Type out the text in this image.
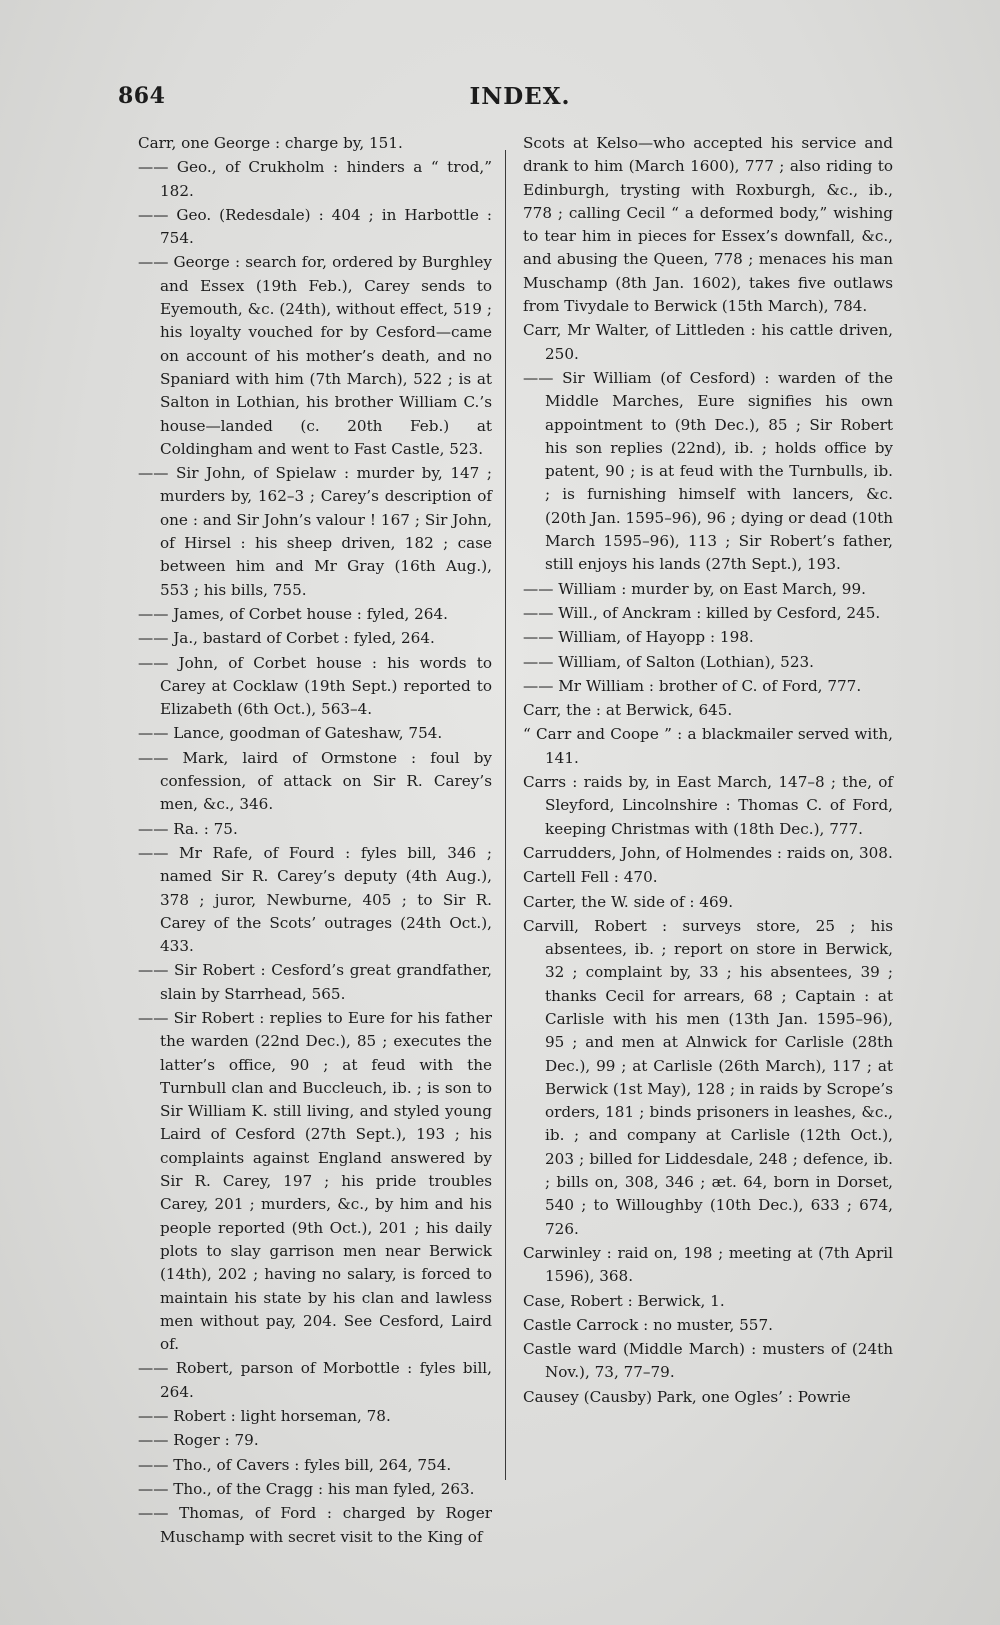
864	INDEX.

Carr, one George : charge by, 151.

—— Geo., of Crukholm : hinders a “ trod,” 182.

—— Geo. (Redesdale) : 404 ; in Harbottle : 754.

—— George : search for, ordered by Burghley and Essex (19th Feb.), Carey sends to Eyemouth, &c. (24th), without effect, 519 ; his loyalty vouched for by Cesford—came on account of his mother’s death, and no Spaniard with him (7th March), 522 ; is at Salton in Lothian, his brother William C.’s house—landed (c. 20th Feb.) at Coldingham and went to Fast Castle, 523.

—— Sir John, of Spielaw : murder by, 147 ; murders by, 162–3 ; Carey’s description of one : and Sir John’s valour ! 167 ; Sir John, of Hirsel : his sheep driven, 182 ; case between him and Mr Gray (16th Aug.), 553 ; his bills, 755.

—— James, of Corbet house : fyled, 264.

—— Ja., bastard of Corbet : fyled, 264.

—— John, of Corbet house : his words to Carey at Cocklaw (19th Sept.) reported to Elizabeth (6th Oct.), 563–4.

—— Lance, goodman of Gateshaw, 754.

—— Mark, laird of Ormstone : foul by confession, of attack on Sir R. Carey’s men, &c., 346.

—— Ra. : 75.

—— Mr Rafe, of Fourd : fyles bill, 346 ; named Sir R. Carey’s deputy (4th Aug.), 378 ; juror, Newburne, 405 ; to Sir R. Carey of the Scots’ outrages (24th Oct.), 433.

—— Sir Robert : Cesford’s great grandfather, slain by Starrhead, 565.

—— Sir Robert : replies to Eure for his father the warden (22nd Dec.), 85 ; executes the latter’s office, 90 ; at feud with the Turnbull clan and Buccleuch, ib. ; is son to Sir William K. still living, and styled young Laird of Cesford (27th Sept.), 193 ; his complaints against England answered by Sir R. Carey, 197 ; his pride troubles Carey, 201 ; murders, &c., by him and his people reported (9th Oct.), 201 ; his daily plots to slay garrison men near Berwick (14th), 202 ; having no salary, is forced to maintain his state by his clan and lawless men without pay, 204. See Cesford, Laird of.

—— Robert, parson of Morbottle : fyles bill, 264.

—— Robert : light horseman, 78.

—— Roger : 79.

—— Tho., of Cavers : fyles bill, 264, 754.

—— Tho., of the Cragg : his man fyled, 263.

—— Thomas, of Ford : charged by Roger Muschamp with secret visit to the King of

Scots at Kelso—who accepted his service and drank to him (March 1600), 777 ; also riding to Edinburgh, trysting with Roxburgh, &c., ib., 778 ; calling Cecil “ a deformed body,” wishing to tear him in pieces for Essex’s downfall, &c., and abusing the Queen, 778 ; menaces his man Muschamp (8th Jan. 1602), takes five outlaws from Tivydale to Berwick (15th March), 784.

Carr, Mr Walter, of Littleden : his cattle driven, 250.

—— Sir William (of Cesford) : warden of the Middle Marches, Eure signifies his own appointment to (9th Dec.), 85 ; Sir Robert his son replies (22nd), ib. ; holds office by patent, 90 ; is at feud with the Turnbulls, ib. ; is furnishing himself with lancers, &c. (20th Jan. 1595–96), 96 ; dying or dead (10th March 1595–96), 113 ; Sir Robert’s father, still enjoys his lands (27th Sept.), 193.

—— William : murder by, on East March, 99.

—— Will., of Anckram : killed by Cesford, 245.

—— William, of Hayopp : 198.

—— William, of Salton (Lothian), 523.

—— Mr William : brother of C. of Ford, 777.

Carr, the : at Berwick, 645.

“ Carr and Coope ” : a blackmailer served with, 141.

Carrs : raids by, in East March, 147–8 ; the, of Sleyford, Lincolnshire : Thomas C. of Ford, keeping Christmas with (18th Dec.), 777.

Carrudders, John, of Holmendes : raids on, 308.

Cartell Fell : 470.

Carter, the W. side of : 469.

Carvill, Robert : surveys store, 25 ; his absentees, ib. ; report on store in Berwick, 32 ; complaint by, 33 ; his absentees, 39 ; thanks Cecil for arrears, 68 ; Captain : at Carlisle with his men (13th Jan. 1595–96), 95 ; and men at Alnwick for Carlisle (28th Dec.), 99 ; at Carlisle (26th March), 117 ; at Berwick (1st May), 128 ; in raids by Scrope’s orders, 181 ; binds prisoners in leashes, &c., ib. ; and company at Carlisle (12th Oct.), 203 ; billed for Liddesdale, 248 ; defence, ib. ; bills on, 308, 346 ; æt. 64, born in Dorset, 540 ; to Willoughby (10th Dec.), 633 ; 674, 726.

Carwinley : raid on, 198 ; meeting at (7th April 1596), 368.

Case, Robert : Berwick, 1.

Castle Carrock : no muster, 557.

Castle ward (Middle March) : musters of (24th Nov.), 73, 77–79.

Causey (Causby) Park, one Ogles’ : Powrie
